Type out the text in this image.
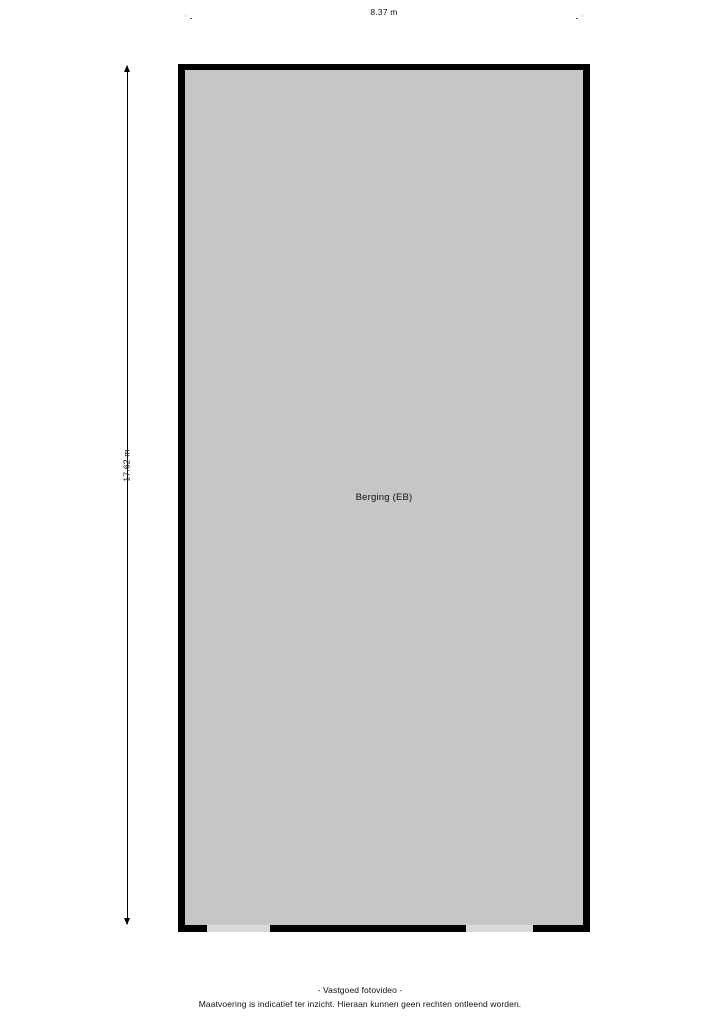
8.37 m
17.62 m
Berging (EB)
- Vastgoed fotovideo -
Maatvoering is indicatief ter inzicht. Hieraan kunnen geen rechten ontleend worden.
